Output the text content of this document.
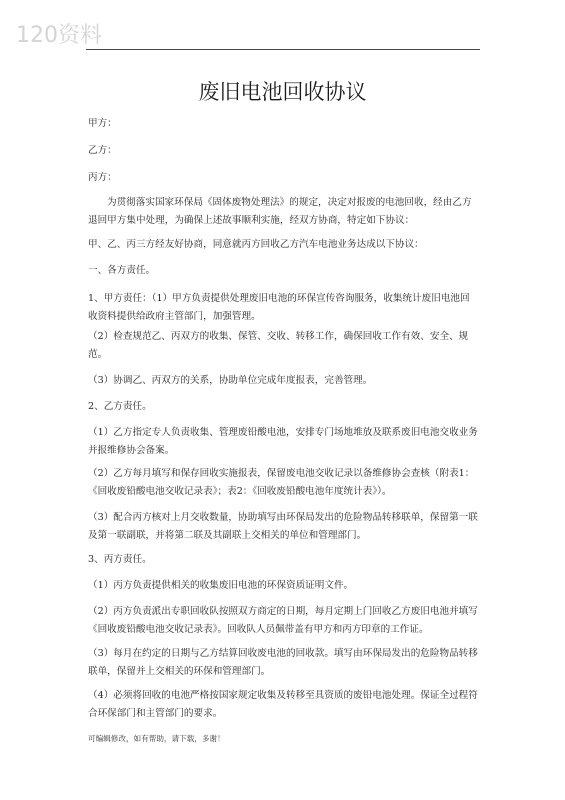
120资料
废旧电池回收协议
甲方：
乙方：
丙方：
为贯彻落实国家环保局《固体废物处理法》的规定，决定对报废的电池回收，经由乙方退回甲方集中处理，为确保上述故事顺利实施，经双方协商，特定如下协议：
甲、乙、丙三方经友好协商，同意就丙方回收乙方汽车电池业务达成以下协议：
一、各方责任。
1、甲方责任：（1）甲方负责提供处理废旧电池的环保宣传咨询服务，收集统计废旧电池回收资料提供给政府主管部门，加强管理。
（2）检查规范乙、丙双方的收集、保管、交收、转移工作，确保回收工作有效、安全、规范。
（3）协调乙、丙双方的关系，协助单位完成年度报表，完善管理。
2、乙方责任。
（1）乙方指定专人负责收集、管理废铅酸电池，安排专门场地堆放及联系废旧电池交收业务并报维修协会备案。
（2）乙方每月填写和保存回收实施报表，保留废电池交收记录以备维修协会查核（附表1：《回收废铅酸电池交收记录表》；表2：《回收废铅酸电池年度统计表》）。
（3）配合丙方核对上月交收数量，协助填写由环保局发出的危险物品转移联单，保留第一联及第一联副联，并将第二联及其副联上交相关的单位和管理部门。
3、丙方责任。
（1）丙方负责提供相关的收集废旧电池的环保资质证明文件。
（2）丙方负责派出专职回收队按照双方商定的日期，每月定期上门回收乙方废旧电池并填写《回收废铅酸电池交收记录表》。回收队人员佩带盖有甲方和丙方印章的工作证。
（3）每月在约定的日期与乙方结算回收废电池的回收款。填写由环保局发出的危险物品转移联单，保留并上交相关的环保和管理部门。
（4）必须将回收的电池严格按国家规定收集及转移至具资质的废铅电池处理。保证全过程符合环保部门和主管部门的要求。
可编辑修改，如有帮助，请下载，多谢！
